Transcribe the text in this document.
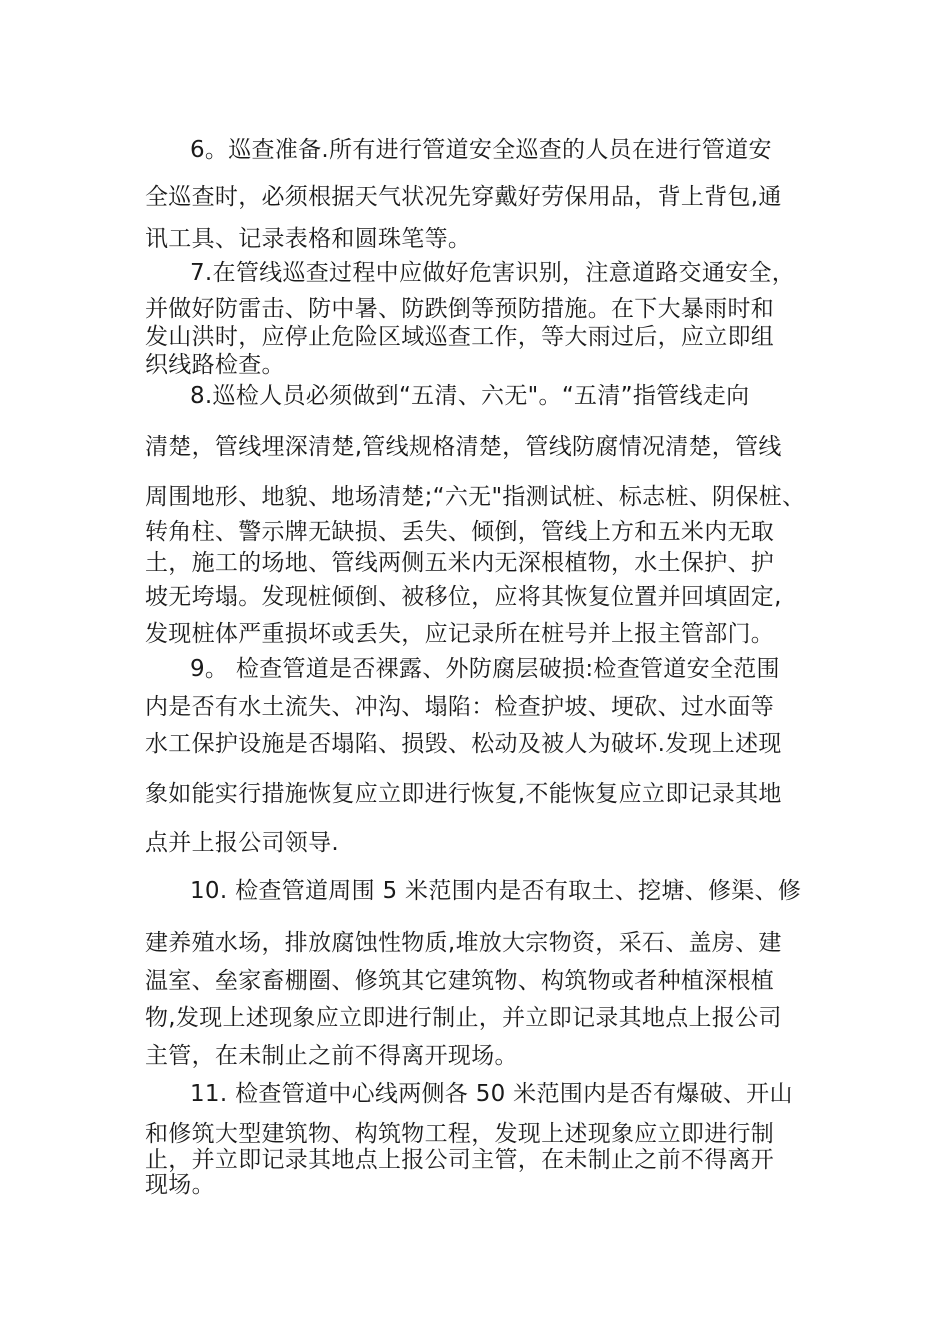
6。巡查准备.所有进行管道安全巡查的人员在进行管道安
全巡查时，必须根据天气状况先穿戴好劳保用品，背上背包,通
讯工具、记录表格和圆珠笔等。
7.在管线巡查过程中应做好危害识别，注意道路交通安全，
并做好防雷击、防中暑、防跌倒等预防措施。在下大暴雨时和
发山洪时，应停止危险区域巡查工作，等大雨过后，应立即组
织线路检查。
8.巡检人员必须做到“五清、六无"。“五清”指管线走向
清楚，管线埋深清楚,管线规格清楚，管线防腐情况清楚，管线
周围地形、地貌、地场清楚;“六无"指测试桩、标志桩、阴保桩、
转角柱、警示牌无缺损、丢失、倾倒，管线上方和五米内无取
土，施工的场地、管线两侧五米内无深根植物，水土保护、护
坡无垮塌。发现桩倾倒、被移位，应将其恢复位置并回填固定,
发现桩体严重损坏或丢失，应记录所在桩号并上报主管部门。
9。 检查管道是否裸露、外防腐层破损:检查管道安全范围
内是否有水土流失、冲沟、塌陷：检查护坡、埂砍、过水面等
水工保护设施是否塌陷、损毁、松动及被人为破坏.发现上述现
象如能实行措施恢复应立即进行恢复,不能恢复应立即记录其地
点并上报公司领导.
10. 检查管道周围 5 米范围内是否有取土、挖塘、修渠、修
建养殖水场，排放腐蚀性物质,堆放大宗物资，采石、盖房、建
温室、垒家畜棚圈、修筑其它建筑物、构筑物或者种植深根植
物,发现上述现象应立即进行制止，并立即记录其地点上报公司
主管，在未制止之前不得离开现场。
11. 检查管道中心线两侧各 50 米范围内是否有爆破、开山
和修筑大型建筑物、构筑物工程，发现上述现象应立即进行制
止，并立即记录其地点上报公司主管，在未制止之前不得离开
现场。
